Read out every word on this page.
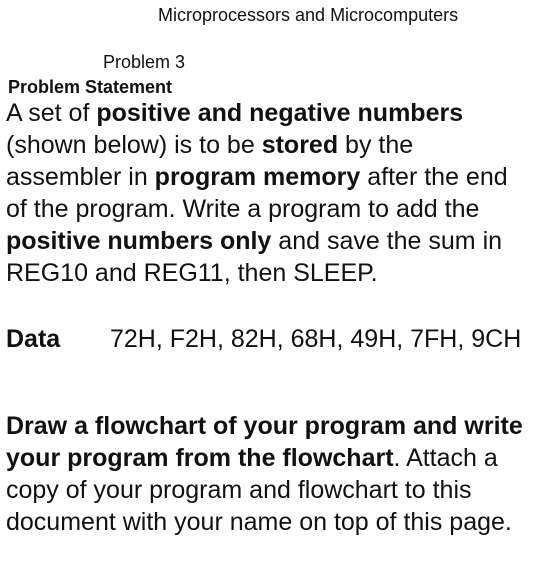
Microprocessors and Microcomputers
Problem 3
Problem Statement
A set of positive and negative numbers (shown below) is to be stored by the assembler in program memory after the end of the program. Write a program to add the positive numbers only and save the sum in REG10 and REG11, then SLEEP.
Data 72H, F2H, 82H, 68H, 49H, 7FH, 9CH
Draw a flowchart of your program and write your program from the flowchart. Attach a copy of your program and flowchart to this document with your name on top of this page.
